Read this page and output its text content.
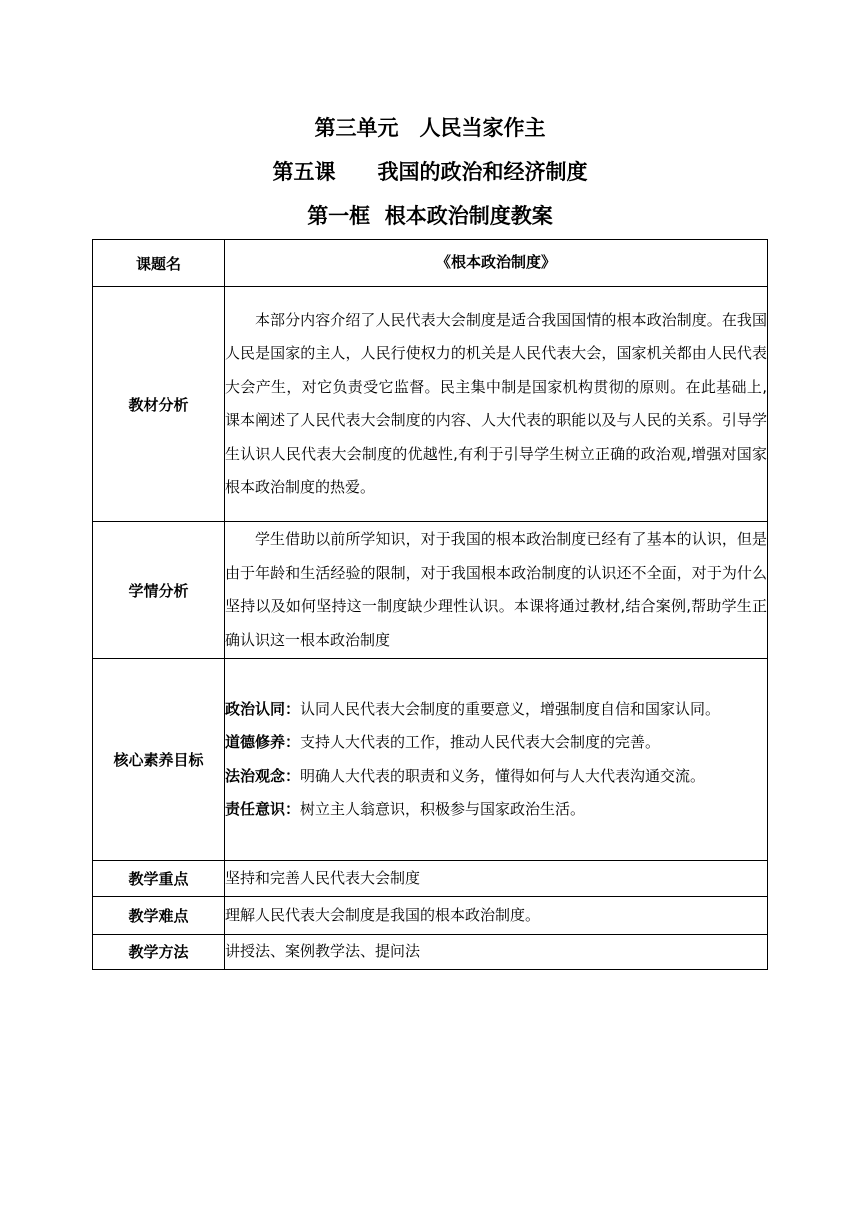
第三单元　人民当家作主
第五课　　我国的政治和经济制度
第一框  根本政治制度教案
课题名	《根本政治制度》
教材分析	本部分内容介绍了人民代表大会制度是适合我国国情的根本政治制度。在我国人民是国家的主人，人民行使权力的机关是人民代表大会，国家机关都由人民代表大会产生，对它负责受它监督。民主集中制是国家机构贯彻的原则。在此基础上,课本阐述了人民代表大会制度的内容、人大代表的职能以及与人民的关系。引导学生认识人民代表大会制度的优越性,有利于引导学生树立正确的政治观,增强对国家根本政治制度的热爱。

学情分析	学生借助以前所学知识，对于我国的根本政治制度已经有了基本的认识，但是由于年龄和生活经验的限制，对于我国根本政治制度的认识还不全面，对于为什么坚持以及如何坚持这一制度缺少理性认识。本课将通过教材,结合案例,帮助学生正确认识这一根本政治制度

核心素养目标	政治认同：认同人民代表大会制度的重要意义，增强制度自信和国家认同。
道德修养：支持人大代表的工作，推动人民代表大会制度的完善。
法治观念：明确人大代表的职责和义务，懂得如何与人大代表沟通交流。
责任意识：树立主人翁意识，积极参与国家政治生活。

教学重点	坚持和完善人民代表大会制度
教学难点	理解人民代表大会制度是我国的根本政治制度。
教学方法	讲授法、案例教学法、提问法
